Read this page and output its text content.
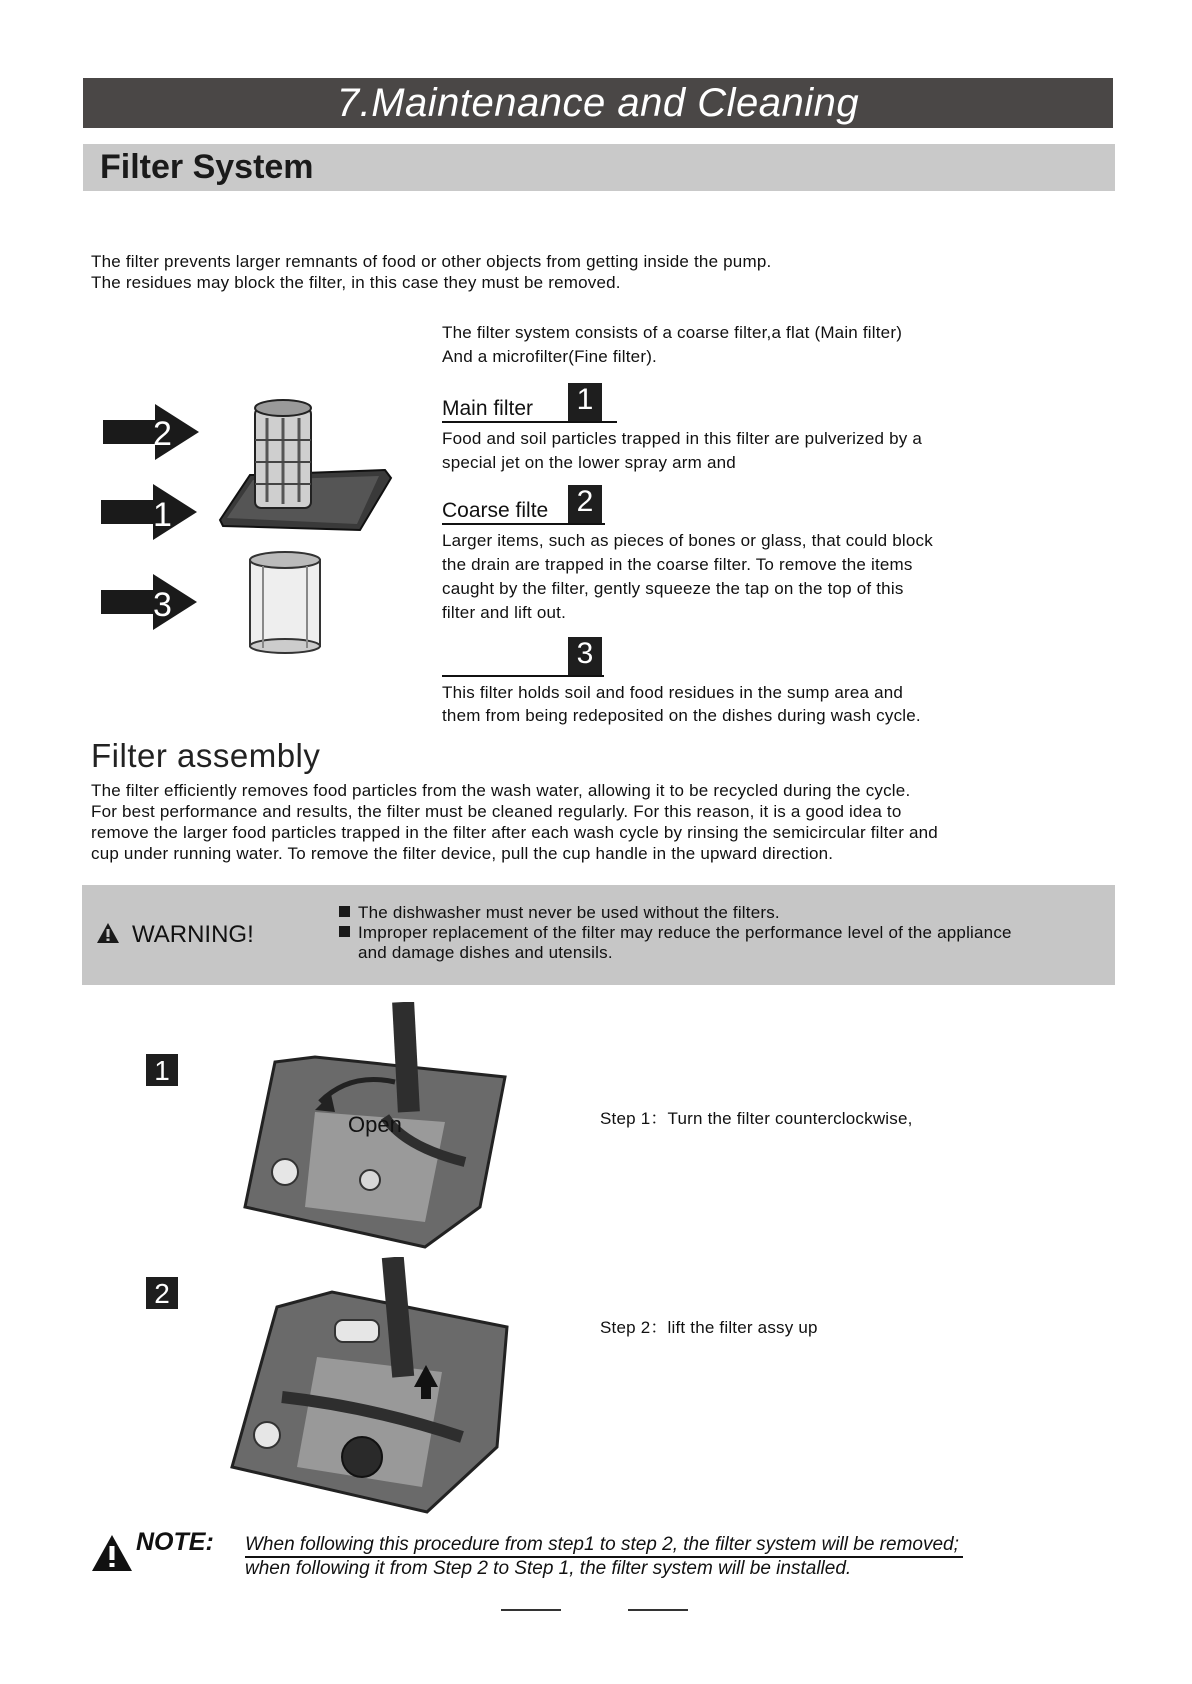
7.Maintenance and Cleaning
Filter System
The filter prevents larger remnants of food or other objects from getting inside the pump.
The residues may block the filter, in this case they must be removed.
The filter system consists of a coarse filter,a flat (Main filter)
And a microfilter(Fine filter).
2
1
3
Main filter 1
Food and soil particles trapped in this filter are pulverized by a
special jet on the lower spray arm and
Coarse filte 2
Larger items, such as pieces of bones or glass, that could block
the drain are trapped in the coarse filter. To remove the items
caught by the filter, gently squeeze the tap on the top of this
filter and lift out.
3
This filter holds soil and food residues in the sump area and
them from being redeposited on the dishes during wash cycle.
Filter assembly
The filter efficiently removes food particles from the wash water, allowing it to be recycled during the cycle.
For best performance and results, the filter must be cleaned regularly. For this reason, it is a good idea to
remove the larger food particles trapped in the filter after each wash cycle by rinsing the semicircular filter and
cup under running water. To remove the filter device, pull the cup handle in the upward direction.
WARNING!
The dishwasher must never be used without the filters.
Improper replacement of the filter may reduce the performance level of the appliance
and damage dishes and utensils.
1
Open	Step 1：Turn the filter counterclockwise,
2
Step 2：lift the filter assy up
NOTE: When following this procedure from step1 to step 2, the filter system will be removed;
when following it from Step 2 to Step 1, the filter system will be installed.
